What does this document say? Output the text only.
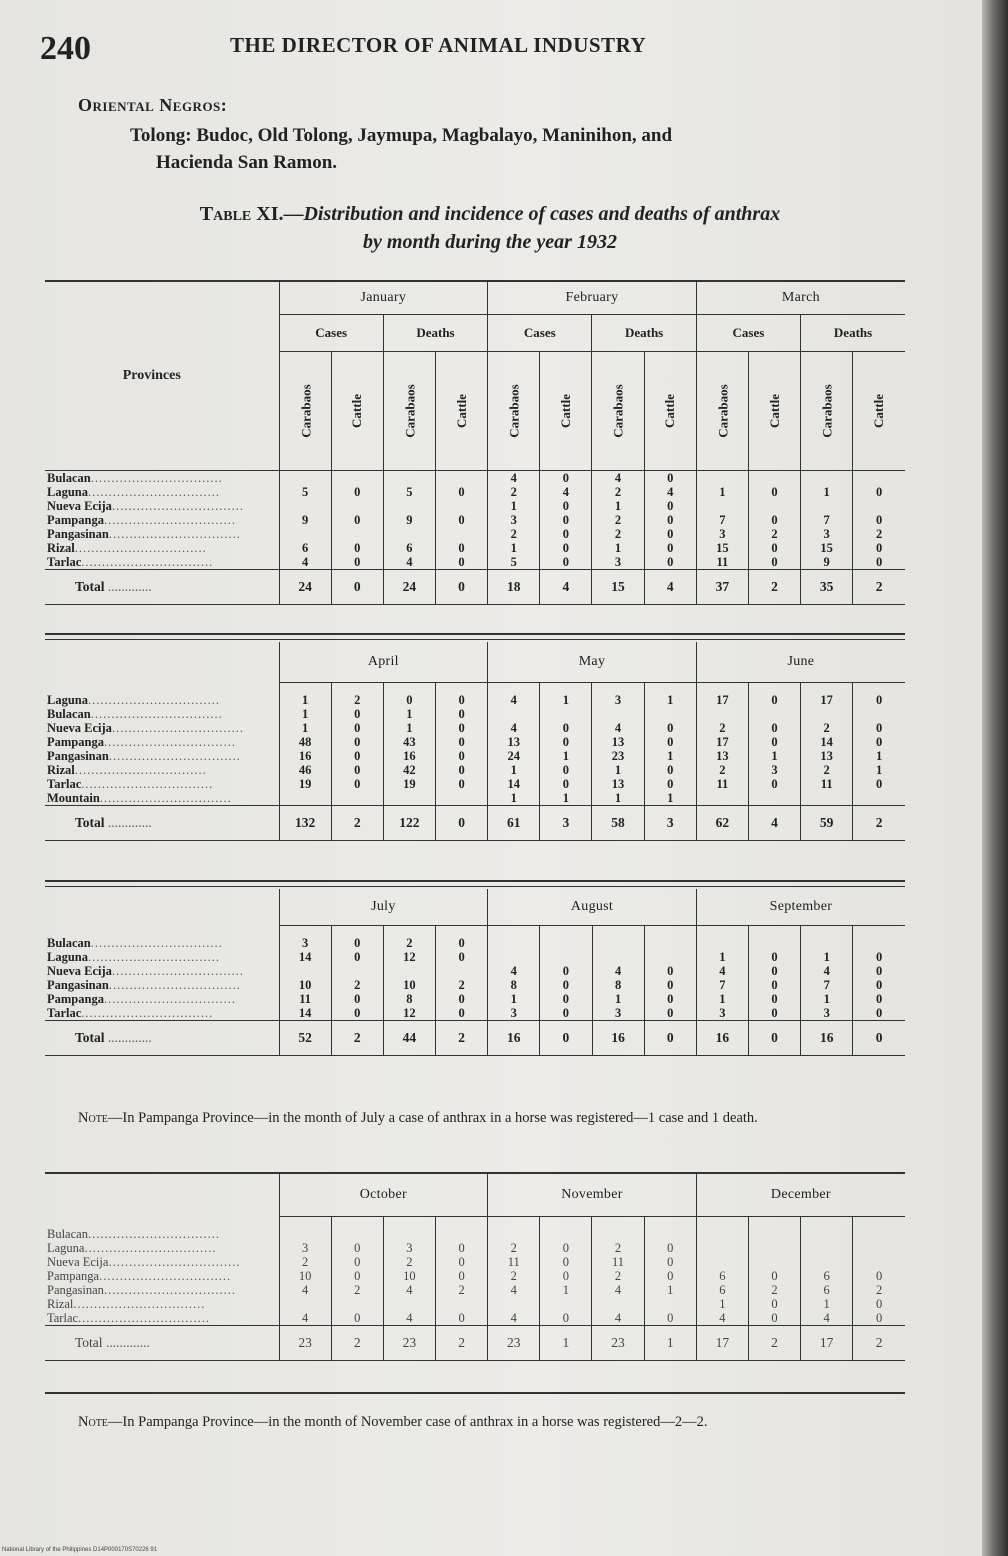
240	THE DIRECTOR OF ANIMAL INDUSTRY
Oriental Negros:
Tolong: Budoc, Old Tolong, Jaymupa, Magbalayo, Maninihon, and
Hacienda San Ramon.
Table XI.—Distribution and incidence of cases and deaths of anthrax
by month during the year 1932
Provinces	January				February				March			
	Cases		Deaths		Cases		Deaths		Cases		Deaths	
	Carabaos	Cattle	Carabaos	Cattle	Carabaos	Cattle	Carabaos	Cattle	Carabaos	Cattle	Carabaos	Cattle
Bulacan................................					4	0	4	0				
Laguna................................	5	0	5	0	2	4	2	4	1	0	1	0
Nueva Ecija................................					1	0	1	0				
Pampanga................................	9	0	9	0	3	0	2	0	7	0	7	0
Pangasinan................................					2	0	2	0	3	2	3	2
Rizal................................	6	0	6	0	1	0	1	0	15	0	15	0
Tarlac................................	4	0	4	0	5	0	3	0	11	0	9	0
Total .............	24	0	24	0	18	4	15	4	37	2	35	2
	April				May				June			

Laguna................................	1	2	0	0	4	1	3	1	17	0	17	0
Bulacan................................	1	0	1	0								
Nueva Ecija................................	1	0	1	0	4	0	4	0	2	0	2	0
Pampanga................................	48	0	43	0	13	0	13	0	17	0	14	0
Pangasinan................................	16	0	16	0	24	1	23	1	13	1	13	1
Rizal................................	46	0	42	0	1	0	1	0	2	3	2	1
Tarlac................................	19	0	19	0	14	0	13	0	11	0	11	0
Mountain................................					1	1	1	1				
Total .............	132	2	122	0	61	3	58	3	62	4	59	2
	July				August				September			

Bulacan................................	3	0	2	0								
Laguna................................	14	0	12	0					1	0	1	0
Nueva Ecija................................					4	0	4	0	4	0	4	0
Pangasinan................................	10	2	10	2	8	0	8	0	7	0	7	0
Pampanga................................	11	0	8	0	1	0	1	0	1	0	1	0
Tarlac................................	14	0	12	0	3	0	3	0	3	0	3	0
Total .............	52	2	44	2	16	0	16	0	16	0	16	0
Note—In Pampanga Province—in the month of July a case of anthrax in a horse was registered—1 case and 1 death.
	October				November				December			

Bulacan................................												
Laguna................................	3	0	3	0	2	0	2	0				
Nueva Ecija................................	2	0	2	0	11	0	11	0				
Pampanga................................	10	0	10	0	2	0	2	0	6	0	6	0
Pangasinan................................	4	2	4	2	4	1	4	1	6	2	6	2
Rizal................................									1	0	1	0
Tarlac................................	4	0	4	0	4	0	4	0	4	0	4	0
Total .............	23	2	23	2	23	1	23	1	17	2	17	2
Note—In Pampanga Province—in the month of November case of anthrax in a horse was registered—2—2.
National Library of the Philippines D14P000170S70226 91
